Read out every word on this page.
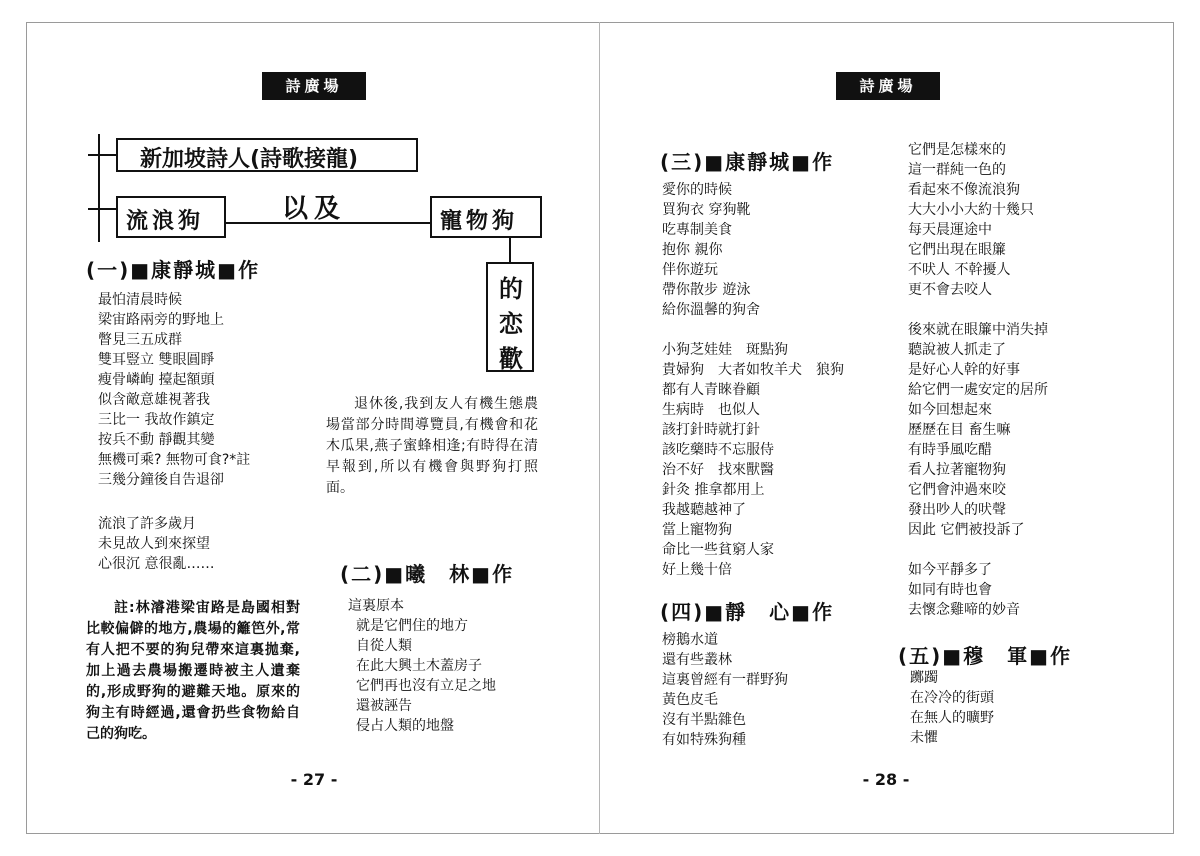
詩廣場
新加坡詩人(詩歌接龍)
流浪狗	以及	寵物狗
的
恋
歡
(一)■康靜城■作
最怕清晨時候
梁宙路兩旁的野地上
瞥見三五成群
雙耳豎立 雙眼圓睜
瘦骨嶙峋 擡起額頭
似含敵意雄視著我
三比一 我故作鎮定
按兵不動 靜觀其變
無機可乘? 無物可食?*註
三幾分鐘後自告退卻
流浪了許多歲月
未見故人到來探望
心很沉 意很亂……
註:林濬港梁宙路是島國相對比較偏僻的地方,農場的籬笆外,常有人把不要的狗兒帶來這裏拋棄,加上過去農場搬遷時被主人遺棄的,形成野狗的避難天地。原來的狗主有時經過,還會扔些食物給自己的狗吃。
退休後,我到友人有機生態農場當部分時間導覽員,有機會和花木瓜果,燕子蜜蜂相逢;有時得在清早報到,所以有機會與野狗打照面。
(二)■曦　林■作
這裏原本
就是它們住的地方
自從人類
在此大興土木蓋房子
它們再也沒有立足之地
還被誣告
侵占人類的地盤
- 27 -
詩廣場
(三)■康靜城■作
愛你的時候
買狗衣 穿狗靴
吃專制美食
抱你 親你
伴你遊玩
帶你散步 遊泳
給你溫馨的狗舍
小狗芝娃娃　斑點狗
貴婦狗　大者如牧羊犬　狼狗
都有人青睞眷顧
生病時　也似人
該打針時就打針
該吃藥時不忘服侍
治不好　找來獸醫
針灸 推拿都用上
我越聽越神了
當上寵物狗
命比一些貧窮人家
好上幾十倍
(四)■靜　心■作
榜鵝水道
還有些叢林
這裏曾經有一群野狗
黃色皮毛
沒有半點雜色
有如特殊狗種
它們是怎樣來的
這一群純一色的
看起來不像流浪狗
大大小小大約十幾只
每天晨運途中
它們出現在眼簾
不吠人 不幹擾人
更不會去咬人
後來就在眼簾中消失掉
聽說被人抓走了
是好心人幹的好事
給它們一處安定的居所
如今回想起來
歷歷在目 畜生嘛
有時爭風吃醋
看人拉著寵物狗
它們會沖過來咬
發出吵人的吠聲
因此 它們被投訴了
如今平靜多了
如同有時也會
去懷念雞啼的妙音
(五)■穆　軍■作
躑躅
在冷冷的街頭
在無人的曠野
未懼
- 28 -
